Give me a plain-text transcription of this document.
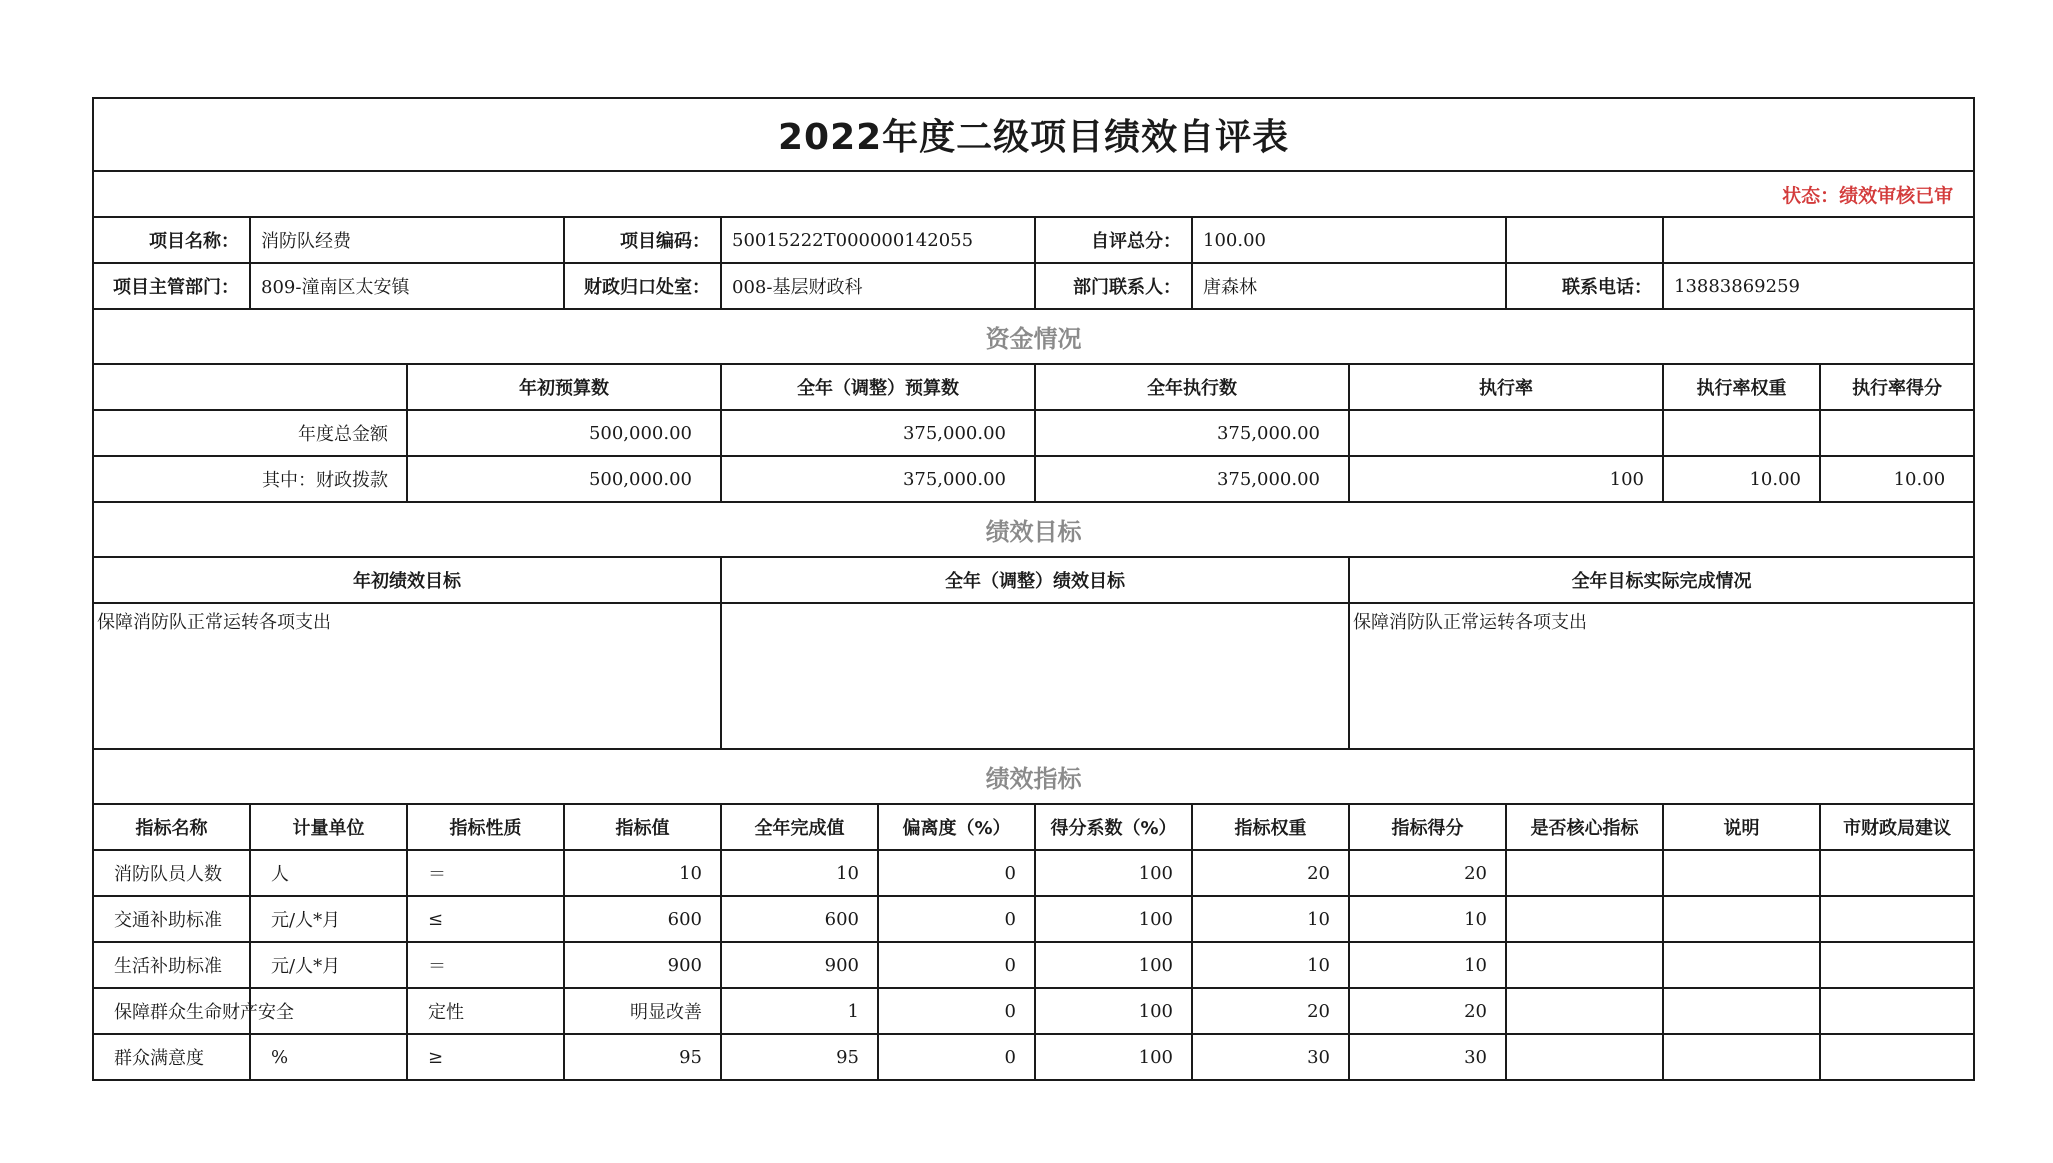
2022年度二级项目绩效自评表											
状态：绩效审核已审											
项目名称：	消防队经费		项目编码：	50015222T000000142055		自评总分：	100.00				
项目主管部门：	809-潼南区太安镇		财政归口处室：	008-基层财政科		部门联系人：	唐森林		联系电话：	13883869259	
资金情况											
		年初预算数		全年（调整）预算数		全年执行数		执行率		执行率权重	执行率得分
年度总金额		500,000.00		375,000.00		375,000.00					
其中：财政拨款		500,000.00		375,000.00		375,000.00		100		10.00	10.00
绩效目标											
年初绩效目标				全年（调整）绩效目标				全年目标实际完成情况			
保障消防队正常运转各项支出								保障消防队正常运转各项支出			
绩效指标											
指标名称	计量单位	指标性质	指标值	全年完成值	偏离度（%）	得分系数（%）	指标权重	指标得分	是否核心指标	说明	市财政局建议
消防队员人数	人	＝	10	10	0	100	20	20			
交通补助标准	元/人*月	≤	600	600	0	100	10	10			
生活补助标准	元/人*月	＝	900	900	0	100	10	10			
保障群众生命财产安全		定性	明显改善	1	0	100	20	20			
群众满意度	%	≥	95	95	0	100	30	30			
